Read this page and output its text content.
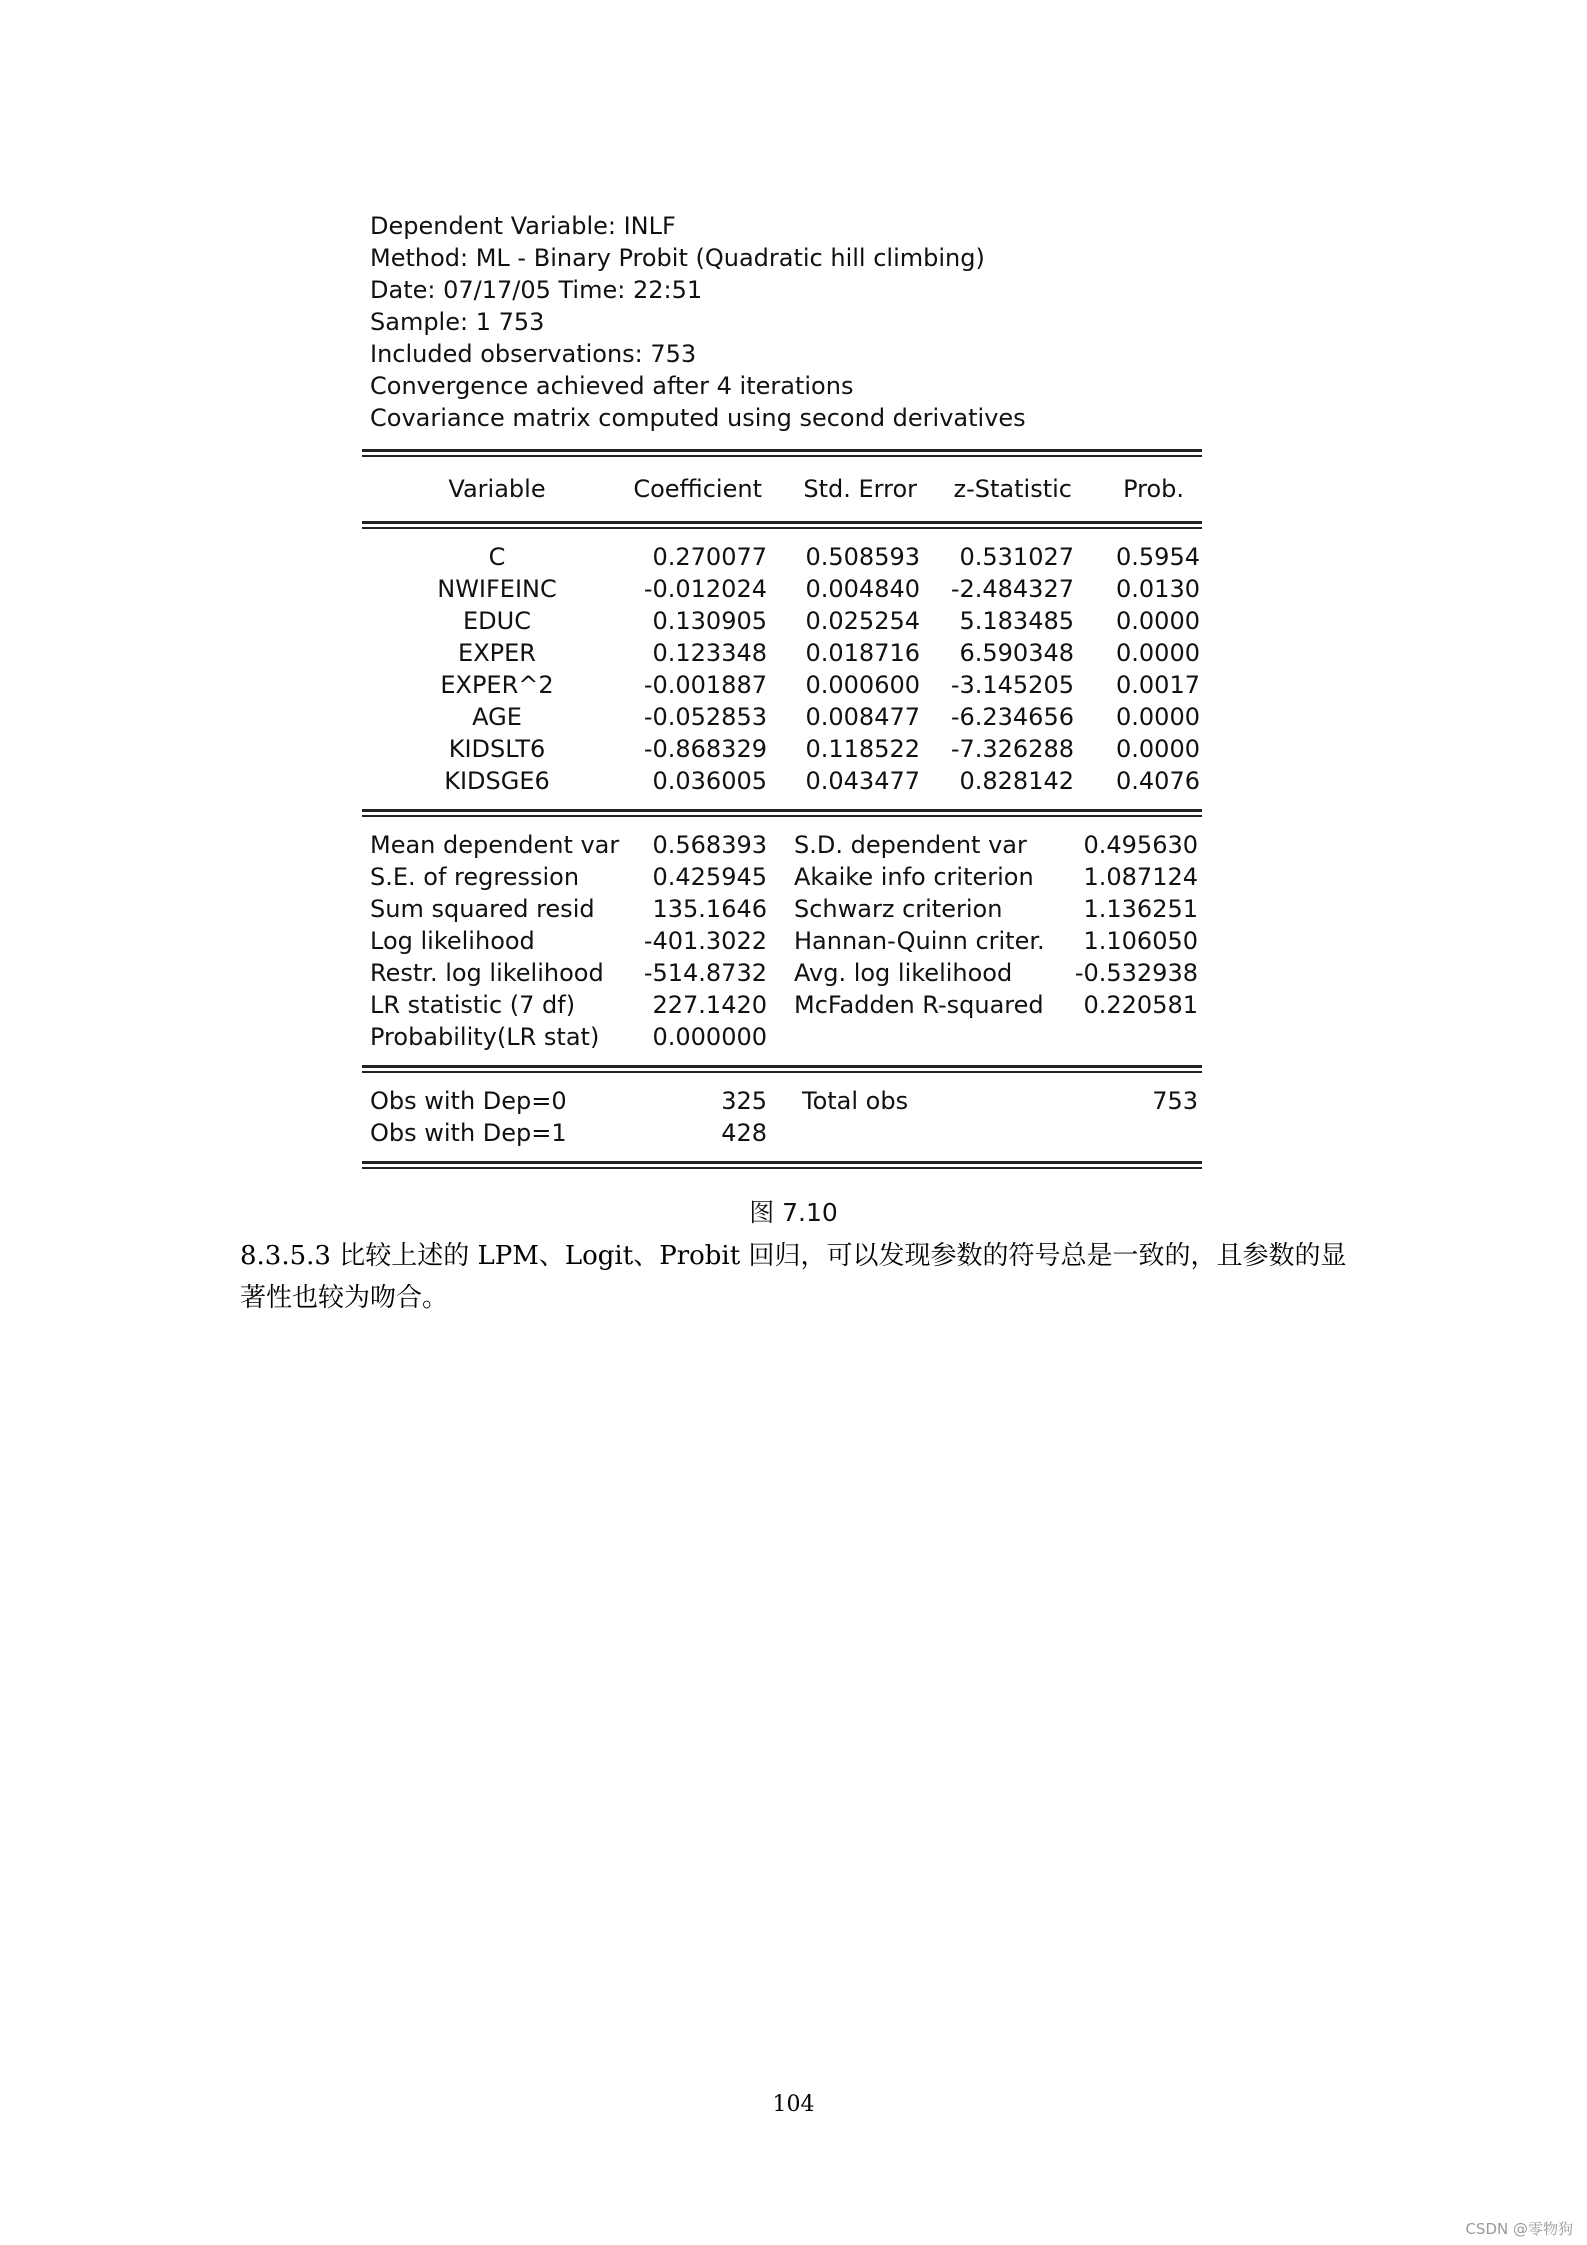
Dependent Variable: INLF
Method: ML - Binary Probit (Quadratic hill climbing)
Date: 07/17/05 Time: 22:51
Sample: 1 753
Included observations: 753
Convergence achieved after 4 iterations
Covariance matrix computed using second derivatives
Variable	Coefficient Std. Error z-Statistic Prob.
C	0.270077 0.508593 0.531027 0.5954
NWIFEINC	-0.012024 0.004840 -2.484327 0.0130
EDUC	0.130905 0.025254 5.183485 0.0000
EXPER	0.123348 0.018716 6.590348 0.0000
EXPER^2	-0.001887 0.000600 -3.145205 0.0017
AGE	-0.052853 0.008477 -6.234656 0.0000
KIDSLT6	-0.868329 0.118522 -7.326288 0.0000
KIDSGE6	0.036005 0.043477 0.828142 0.4076
Mean dependent var 0.568393 S.D. dependent var 0.495630
S.E. of regression	0.425945 Akaike info criterion 1.087124
Sum squared resid 135.1646 Schwarz criterion	1.136251
Log likelihood	-401.3022 Hannan-Quinn criter. 1.106050
Restr. log likelihood -514.8732 Avg. log likelihood	-0.532938
LR statistic (7 df)	227.1420 McFadden R-squared 0.220581
Probability(LR stat) 0.000000
Obs with Dep=0	325 Total obs	753
Obs with Dep=1	428
图 7.10
8.3.5.3 比较上述的 LPM、Logit、Probit 回归，可以发现参数的符号总是一致的，且参数的显著性也较为吻合。
104
CSDN @零物狗
